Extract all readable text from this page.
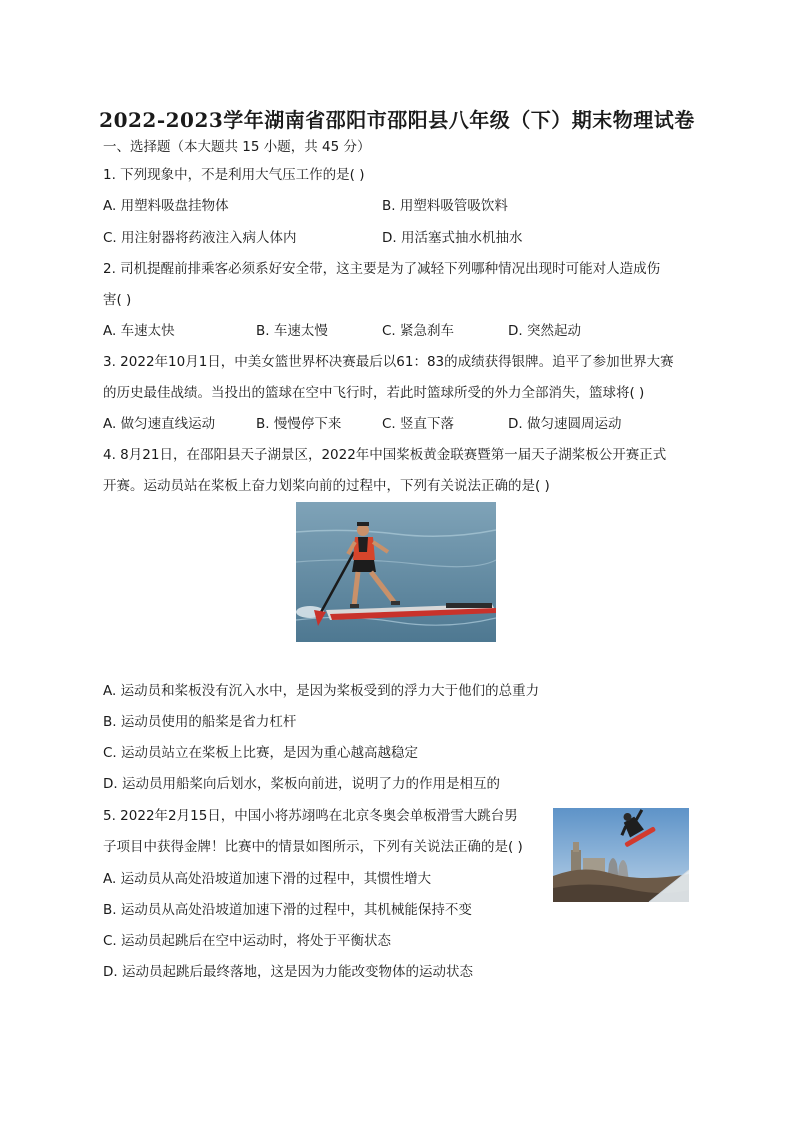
2022-2023学年湖南省邵阳市邵阳县八年级（下）期末物理试卷
一、选择题（本大题共 15 小题，共 45 分）
1. 下列现象中，不是利用大气压工作的是( )
A. 用塑料吸盘挂物体	B. 用塑料吸管吸饮料
C. 用注射器将药液注入病人体内	D. 用活塞式抽水机抽水
2. 司机提醒前排乘客必须系好安全带，这主要是为了减轻下列哪种情况出现时可能对人造成伤
害( )
A. 车速太快	B. 车速太慢	C. 紧急刹车	D. 突然起动
3. 2022年10月1日，中美女篮世界杯决赛最后以61：83的成绩获得银牌。追平了参加世界大赛
的历史最佳战绩。当投出的篮球在空中飞行时，若此时篮球所受的外力全部消失，篮球将( )
A. 做匀速直线运动	B. 慢慢停下来	C. 竖直下落	D. 做匀速圆周运动
4. 8月21日，在邵阳县天子湖景区，2022年中国桨板黄金联赛暨第一届天子湖桨板公开赛正式
开赛。运动员站在桨板上奋力划桨向前的过程中，下列有关说法正确的是( )
A. 运动员和桨板没有沉入水中，是因为桨板受到的浮力大于他们的总重力
B. 运动员使用的船桨是省力杠杆
C. 运动员站立在桨板上比赛，是因为重心越高越稳定
D. 运动员用船桨向后划水，桨板向前进，说明了力的作用是相互的
5. 2022年2月15日，中国小将苏翊鸣在北京冬奥会单板滑雪大跳台男
子项目中获得金牌！比赛中的情景如图所示，下列有关说法正确的是( )
A. 运动员从高处沿坡道加速下滑的过程中，其惯性增大
B. 运动员从高处沿坡道加速下滑的过程中，其机械能保持不变
C. 运动员起跳后在空中运动时，将处于平衡状态
D. 运动员起跳后最终落地，这是因为力能改变物体的运动状态
